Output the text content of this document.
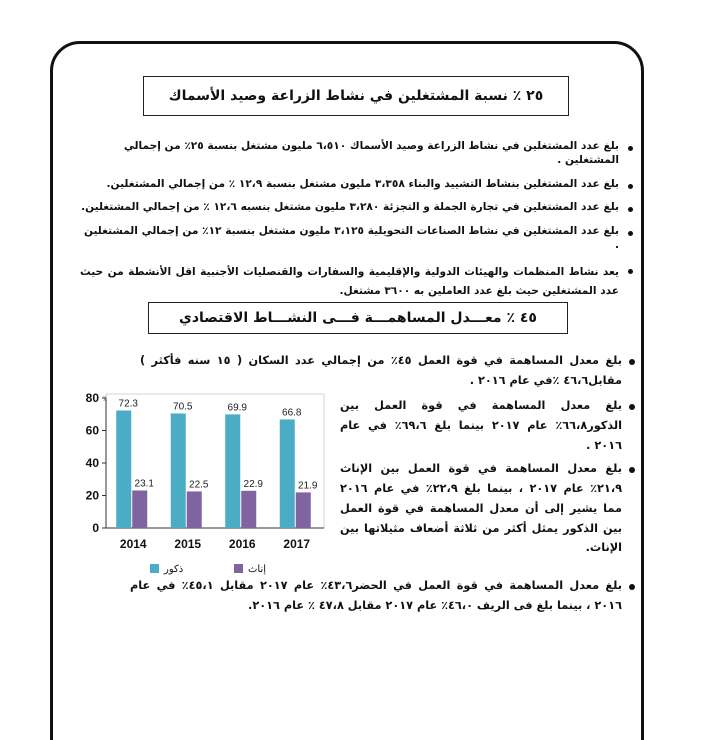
٢٥ ٪ نسبة المشتغلين في نشاط الزراعة وصيد الأسماك
بلغ عدد المشتغلين في نشاط الزراعة وصيد الأسماك ٦،٥١٠ مليون مشتغل بنسبة ٢٥٪ من إجمالي المشتغلين .
بلغ عدد المشتغلين بنشاط التشييد والبناء ٣،٣٥٨ مليون مشتغل بنسبة ١٢،٩ ٪ من إجمالي المشتغلين.
بلغ عدد المشتغلين في تجارة الجملة و التجزئة ٣،٢٨٠ مليون مشتغل بنسبه ١٢،٦ ٪ من إجمالي المشتغلين.
بلغ عدد المشتغلين في نشاط الصناعات التحويلية ٣،١٢٥ مليون مشتغل بنسبة ١٢٪ من إجمالي المشتغلين .
يعد نشاط المنظمات والهيئات الدولية والإقليمية والسفارات والقنصليات الأجنبية اقل الأنشطة من حيث عدد المشتغلين حيث بلغ عدد العاملين به ٣٦٠٠ مشتغل.
٤٥ ٪ معـــدل المساهمـــة فـــى النشـــاط الاقتصادي
بلغ معدل المساهمة في قوة العمل ٤٥٪ من إجمالي عدد السكان ( ١٥ سنه فأكثر ) مقابل٤٦،٦ ٪في عام ٢٠١٦ .
بلغ معدل المساهمة في قوة العمل بين الذكور٦٦،٨٪ عام ٢٠١٧ بينما بلغ ٦٩،٦٪ في عام ٢٠١٦ .
بلغ معدل المساهمة في قوة العمل بين الإناث ٢١،٩٪ عام ٢٠١٧ ، بينما بلغ ٢٢،٩٪ في عام ٢٠١٦ مما يشير إلى أن معدل المساهمة في قوة العمل بين الذكور يمثل أكثر من ثلاثة أضعاف مثيلاتها بين الإناث.
بلغ معدل المساهمة في قوة العمل في الحضر٤٣،٦٪ عام ٢٠١٧ مقابل ٤٥،١٪ في عام ٢٠١٦ ، بينما بلغ فى الريف ٤٦،٠٪ عام ٢٠١٧ مقابل ٤٧،٨ ٪ عام ٢٠١٦.
0
20
40
60
80 ٪
72.3
23.1
2014
70.5
22.5
2015
69.9
22.9
2016
66.8
21.9
2017
ذكور	إناث
